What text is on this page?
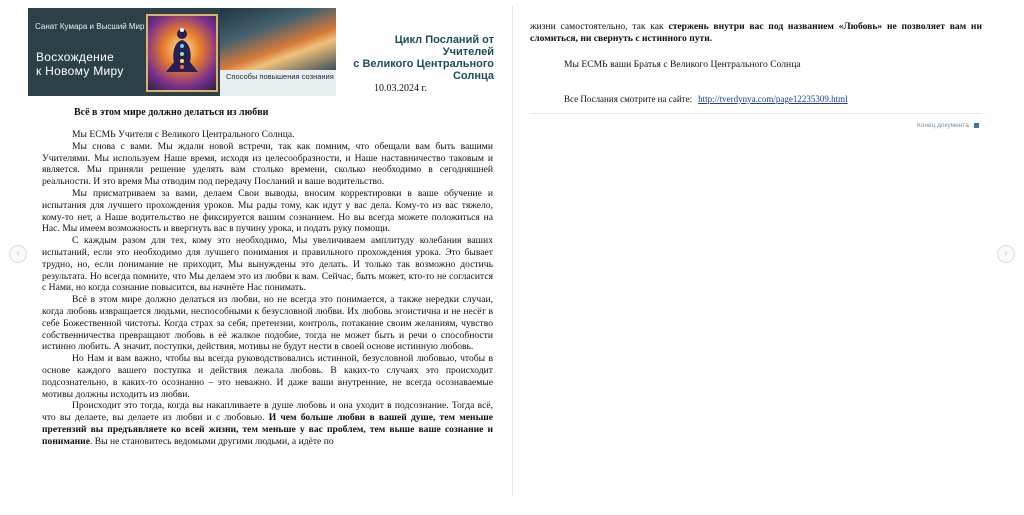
Санат Кумара и Высший Мир
Восхождение
к Новому Миру	Способы повышения сознания
Цикл Посланий от
Учителей
с Великого Центрального
Солнца
10.03.2024 г.
Всё в этом мире должно делаться из любви

Мы ЕСМЬ Учителя с Великого Центрального Солнца.

Мы снова с вами. Мы ждали новой встречи, так как помним, что обещали вам быть вашими Учителями. Мы используем Наше время, исходя из целесообразности, и Наше наставничество таковым и является. Мы приняли решение уделять вам столько времени, сколько необходимо в сегодняшней реальности. И это время Мы отводим под передачу Посланий и ваше водительство.

Мы присматриваем за вами, делаем Свои выводы, вносим корректировки в ваше обучение и испытания для лучшего прохождения уроков. Мы рады тому, как идут у вас дела. Кому-то из вас тяжело, кому-то нет, а Наше водительство не фиксируется вашим сознанием. Но вы всегда можете положиться на Нас. Мы имеем возможность и ввергнуть вас в пучину урока, и подать руку помощи.

С каждым разом для тех, кому это необходимо, Мы увеличиваем амплитуду колебания ваших испытаний, если это необходимо для лучшего понимания и правильного прохождения урока. Это бывает трудно, но, если понимание не приходит, Мы вынуждены это делать. И только так возможно достичь результата. Но всегда помните, что Мы делаем это из любви к вам. Сейчас, быть может, кто-то не согласится с Нами, но когда сознание повысится, вы начнёте Нас понимать.

Всё в этом мире должно делаться из любви, но не всегда это понимается, а также нередки случаи, когда любовь извращается людьми, неспособными к безусловной любви. Их любовь эгоистична и не несёт в себе Божественной чистоты. Когда страх за себя, претензии, контроль, потакание своим желаниям, чувство собственничества превращают любовь в её жалкое подобие, тогда не может быть и речи о способности истинно любить. А значит, поступки, действия, мотивы не будут нести в своей основе истинную любовь.

Но Нам и вам важно, чтобы вы всегда руководствовались истинной, безусловной любовью, чтобы в основе каждого вашего поступка и действия лежала любовь. В каких-то случаях это происходит подсознательно, в каких-то осознанно – это неважно. И даже ваши внутренние, не всегда осознаваемые мотивы должны исходить из любви.

Происходит это тогда, когда вы накапливаете в душе любовь и она уходит в подсознание. Тогда всё, что вы делаете, вы делаете из любви и с любовью. И чем больше любви в вашей душе, тем меньше претензий вы предъявляете ко всей жизни, тем меньше у вас проблем, тем выше ваше сознание и понимание. Вы не становитесь ведомыми другими людьми, а идёте по

жизни самостоятельно, так как стержень внутри вас под названием «Любовь» не позволяет вам ни сломиться, ни свернуть с истинного пути.
Мы ЕСМЬ ваши Братья с Великого Центрального Солнца
Все Послания смотрите на сайте: http://tverdynya.com/page12235309.html
Конец документа
‹	›
